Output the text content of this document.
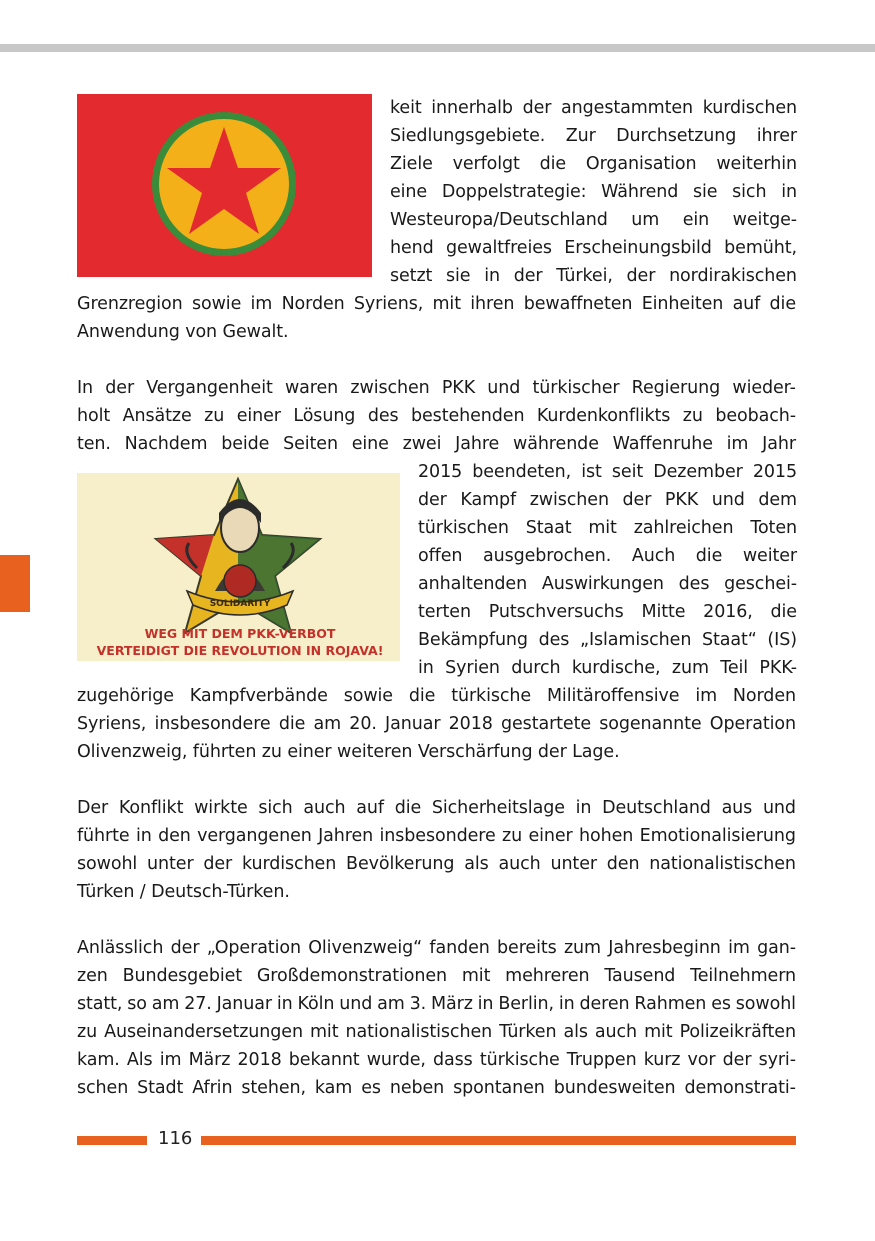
SOLIDARITY
WEG MIT DEM PKK-VERBOT
VERTEIDIGT DIE REVOLUTION IN ROJAVA!
keit innerhalb der angestammten kurdischen
Siedlungsgebiete. Zur Durchsetzung ihrer
Ziele verfolgt die Organisation weiterhin
eine Doppelstrategie: Während sie sich in
Westeuropa/Deutschland um ein weitge-
hend gewaltfreies Erscheinungsbild bemüht,
setzt sie in der Türkei, der nordirakischen
Grenzregion sowie im Norden Syriens, mit ihren bewaffneten Einheiten auf die
Anwendung von Gewalt.
In der Vergangenheit waren zwischen PKK und türkischer Regierung wieder-
holt Ansätze zu einer Lösung des bestehenden Kurdenkonflikts zu beobach-
ten. Nachdem beide Seiten eine zwei Jahre währende Waffenruhe im Jahr
2015 beendeten, ist seit Dezember 2015
der Kampf zwischen der PKK und dem
türkischen Staat mit zahlreichen Toten
offen ausgebrochen. Auch die weiter
anhaltenden Auswirkungen des geschei-
terten Putschversuchs Mitte 2016, die
Bekämpfung des „Islamischen Staat“ (IS)
in Syrien durch kurdische, zum Teil PKK-
zugehörige Kampfverbände sowie die türkische Militäroffensive im Norden
Syriens, insbesondere die am 20. Januar 2018 gestartete sogenannte Operation
Olivenzweig, führten zu einer weiteren Verschärfung der Lage.
Der Konflikt wirkte sich auch auf die Sicherheitslage in Deutschland aus und
führte in den vergangenen Jahren insbesondere zu einer hohen Emotionalisierung
sowohl unter der kurdischen Bevölkerung als auch unter den nationalistischen
Türken / Deutsch-Türken.
Anlässlich der „Operation Olivenzweig“ fanden bereits zum Jahresbeginn im gan-
zen Bundesgebiet Großdemonstrationen mit mehreren Tausend Teilnehmern
statt, so am 27. Januar in Köln und am 3. März in Berlin, in deren Rahmen es sowohl
zu Auseinandersetzungen mit nationalistischen Türken als auch mit Polizeikräften
kam. Als im März 2018 bekannt wurde, dass türkische Truppen kurz vor der syri-
schen Stadt Afrin stehen, kam es neben spontanen bundesweiten demonstrati-
116
